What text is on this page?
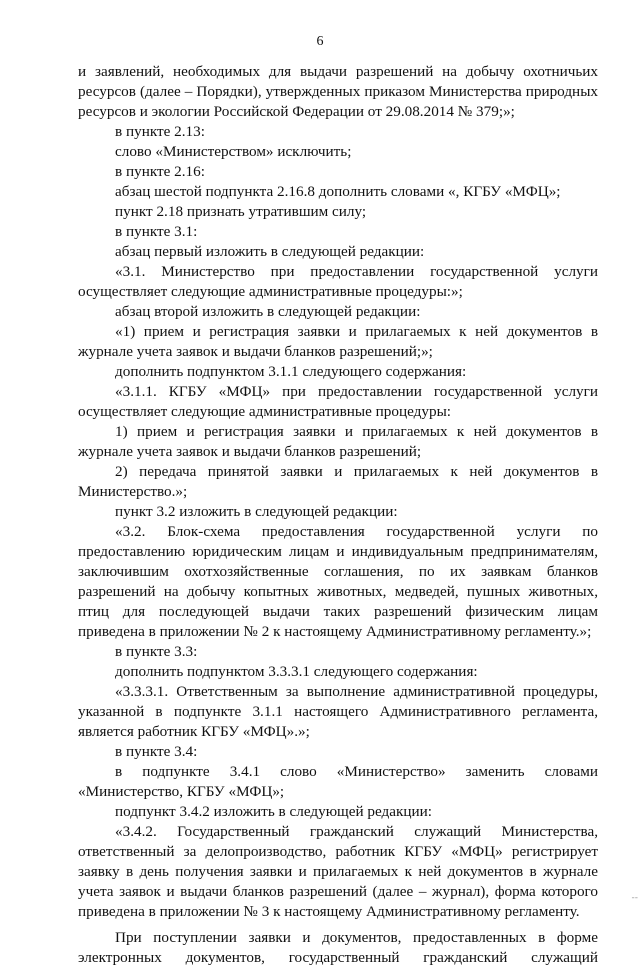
6

и заявлений, необходимых для выдачи разрешений на добычу охотничьих ресурсов (далее – Порядки), утвержденных приказом Министерства природных ресурсов и экологии Российской Федерации от 29.08.2014 № 379;»;

в пункте 2.13:

слово «Министерством» исключить;

в пункте 2.16:

абзац шестой подпункта 2.16.8 дополнить словами «, КГБУ «МФЦ»;

пункт 2.18 признать утратившим силу;

в пункте 3.1:

абзац первый изложить в следующей редакции:

«3.1. Министерство при предоставлении государственной услуги осуществляет следующие административные процедуры:»;

абзац второй изложить в следующей редакции:

«1) прием и регистрация заявки и прилагаемых к ней документов в журнале учета заявок и выдачи бланков разрешений;»;

дополнить подпунктом 3.1.1 следующего содержания:

«3.1.1. КГБУ «МФЦ» при предоставлении государственной услуги осуществляет следующие административные процедуры:

1) прием и регистрация заявки и прилагаемых к ней документов в журнале учета заявок и выдачи бланков разрешений;

2) передача принятой заявки и прилагаемых к ней документов в Министерство.»;

пункт 3.2 изложить в следующей редакции:

«3.2. Блок-схема предоставления государственной услуги по предоставлению юридическим лицам и индивидуальным предпринимателям, заключившим охотхозяйственные соглашения, по их заявкам бланков разрешений на добычу копытных животных, медведей, пушных животных, птиц для последующей выдачи таких разрешений физическим лицам приведена в приложении № 2 к настоящему Административному регламенту.»;

в пункте 3.3:

дополнить подпунктом 3.3.3.1 следующего содержания:

«3.3.3.1. Ответственным за выполнение административной процедуры, указанной в подпункте 3.1.1 настоящего Административного регламента, является работник КГБУ «МФЦ».»;

в пункте 3.4:

в подпункте 3.4.1 слово «Министерство» заменить словами «Министерство, КГБУ «МФЦ»;

подпункт 3.4.2 изложить в следующей редакции:

«3.4.2. Государственный гражданский служащий Министерства, ответственный за делопроизводство, работник КГБУ «МФЦ» регистрирует заявку в день получения заявки и прилагаемых к ней документов в журнале учета заявок и выдачи бланков разрешений (далее – журнал), форма которого приведена в приложении № 3 к настоящему Административному регламенту.

При поступлении заявки и документов, предоставленных в форме электронных документов, государственный гражданский служащий

--
